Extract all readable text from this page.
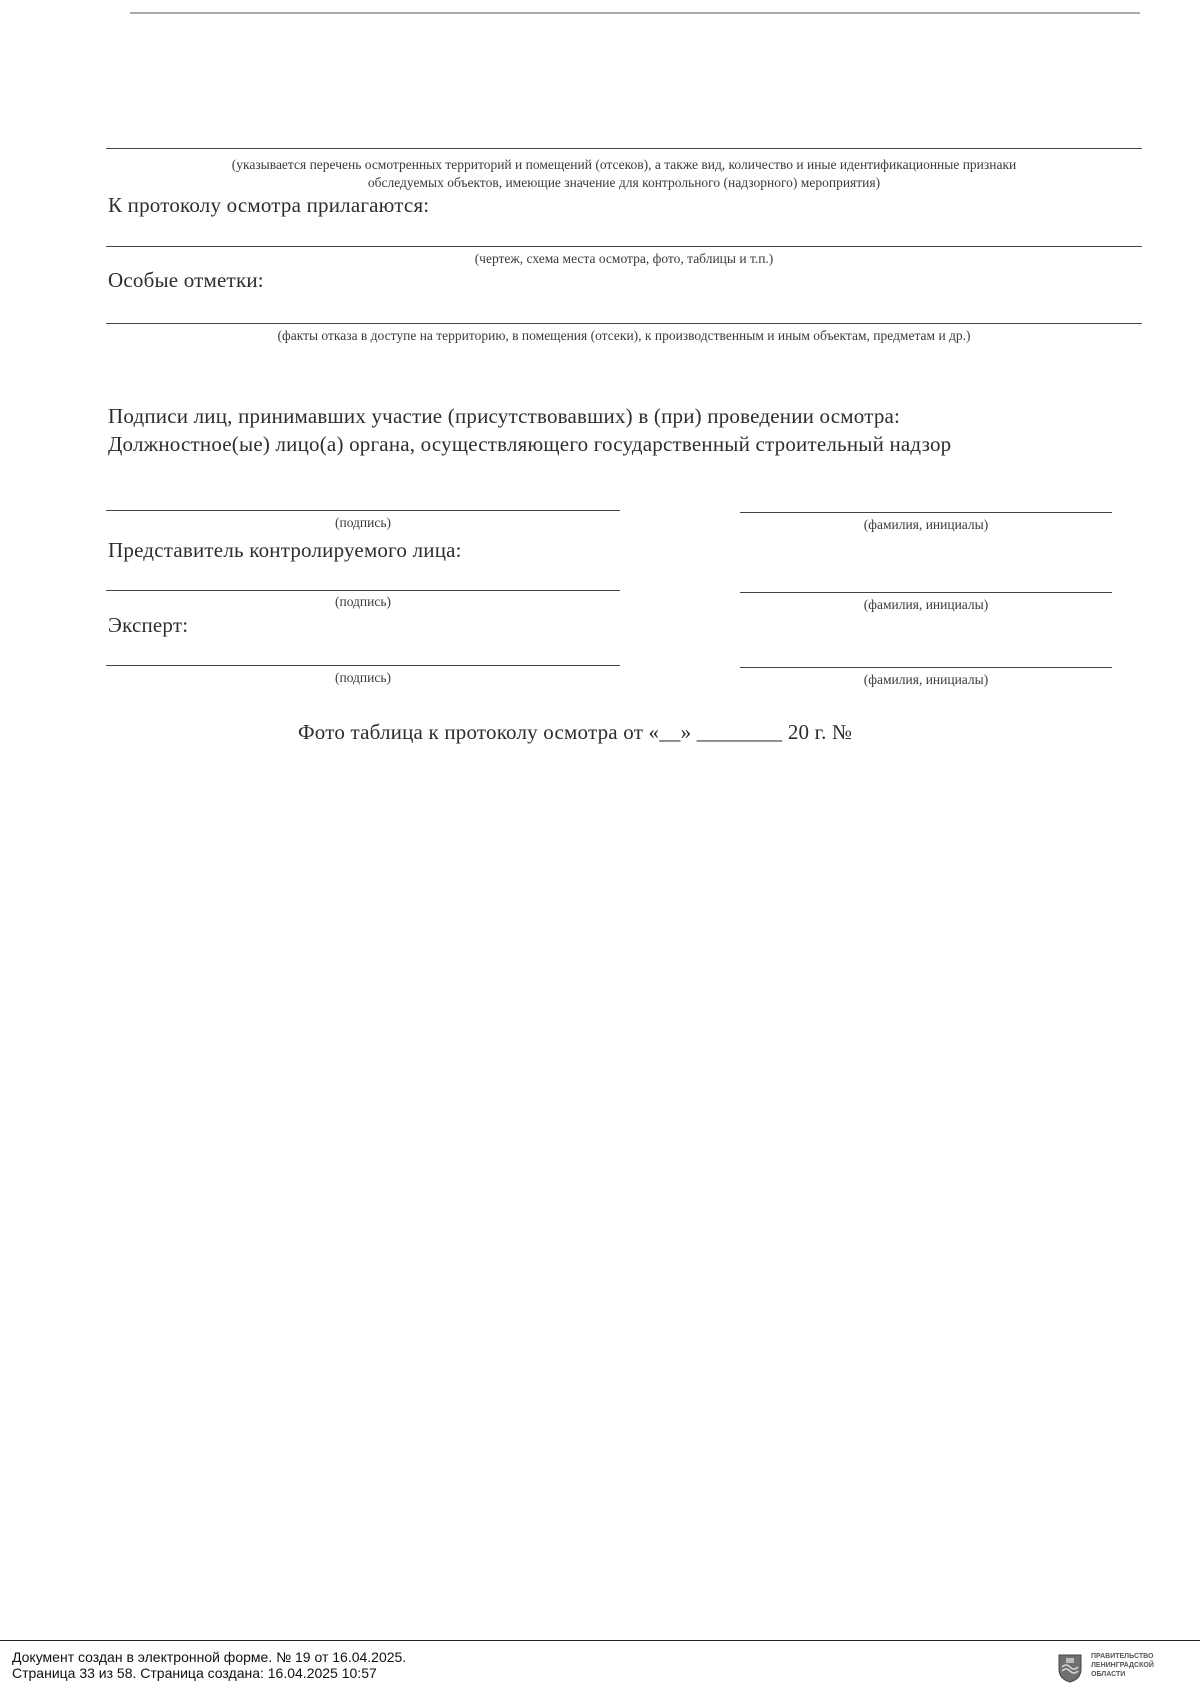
(указывается перечень осмотренных территорий и помещений (отсеков), а также вид, количество и иные идентификационные признаки
обследуемых объектов, имеющие значение для контрольного (надзорного) мероприятия)
К протоколу осмотра прилагаются:
(чертеж, схема места осмотра, фото, таблицы и т.п.)
Особые отметки:
(факты отказа в доступе на территорию, в помещения (отсеки), к производственным и иным объектам, предметам и др.)
Подписи лиц, принимавших участие (присутствовавших) в (при) проведении осмотра:
Должностное(ые) лицо(а) органа, осуществляющего государственный строительный надзор
(подпись)	(фамилия, инициалы)
Представитель контролируемого лица:
(подпись)	(фамилия, инициалы)
Эксперт:
(подпись)	(фамилия, инициалы)
Фото таблица к протоколу осмотра от «__» ________ 20 г. №
Документ создан в электронной форме. № 19 от 16.04.2025.
Страница 33 из 58. Страница создана: 16.04.2025 10:57
ПРАВИТЕЛЬСТВО
ЛЕНИНГРАДСКОЙ
ОБЛАСТИ
